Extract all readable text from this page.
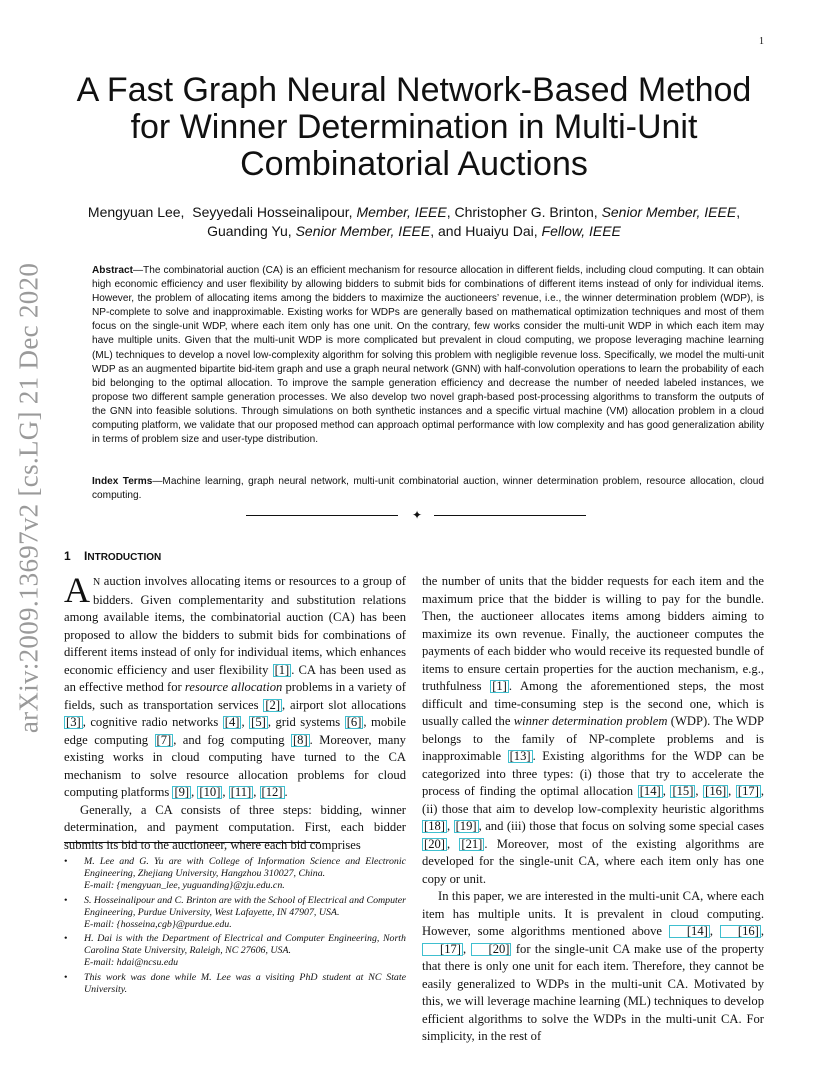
1
arXiv:2009.13697v2 [cs.LG] 21 Dec 2020
A Fast Graph Neural Network-Based Method for Winner Determination in Multi-Unit Combinatorial Auctions
Mengyuan Lee, Seyyedali Hosseinalipour, Member, IEEE, Christopher G. Brinton, Senior Member, IEEE, Guanding Yu, Senior Member, IEEE, and Huaiyu Dai, Fellow, IEEE

Abstract—The combinatorial auction (CA) is an efficient mechanism for resource allocation in different fields, including cloud computing. It can obtain high economic efficiency and user flexibility by allowing bidders to submit bids for combinations of different items instead of only for individual items. However, the problem of allocating items among the bidders to maximize the auctioneers’ revenue, i.e., the winner determination problem (WDP), is NP-complete to solve and inapproximable. Existing works for WDPs are generally based on mathematical optimization techniques and most of them focus on the single-unit WDP, where each item only has one unit. On the contrary, few works consider the multi-unit WDP in which each item may have multiple units. Given that the multi-unit WDP is more complicated but prevalent in cloud computing, we propose leveraging machine learning (ML) techniques to develop a novel low-complexity algorithm for solving this problem with negligible revenue loss. Specifically, we model the multi-unit WDP as an augmented bipartite bid-item graph and use a graph neural network (GNN) with half-convolution operations to learn the probability of each bid belonging to the optimal allocation. To improve the sample generation efficiency and decrease the number of needed labeled instances, we propose two different sample generation processes. We also develop two novel graph-based post-processing algorithms to transform the outputs of the GNN into feasible solutions. Through simulations on both synthetic instances and a specific virtual machine (VM) allocation problem in a cloud computing platform, we validate that our proposed method can approach optimal performance with low complexity and has good generalization ability in terms of problem size and user-type distribution.

Index Terms—Machine learning, graph neural network, multi-unit combinatorial auction, winner determination problem, resource allocation, cloud computing.

✦
1 INTRODUCTION

A N auction involves allocating items or resources to a group of bidders. Given complementarity and substitution relations among available items, the combinatorial auction (CA) has been proposed to allow the bidders to submit bids for combinations of different items instead of only for individual items, which enhances economic efficiency and user flexibility [1] . CA has been used as an effective method for resource allocation problems in a variety of fields, such as transportation services [2] , airport slot allocations [3] , cognitive radio networks [4] , [5] , grid systems [6] , mobile edge computing [7] , and fog computing [8] . Moreover, many existing works in cloud computing have turned to the CA mechanism to solve resource allocation problems for cloud computing platforms [9] , [10] , [11] , [12] .

Generally, a CA consists of three steps: bidding, winner determination, and payment computation. First, each bidder submits its bid to the auctioneer, where each bid comprises

• M. Lee and G. Yu are with College of Information Science and Electronic Engineering, Zhejiang University, Hangzhou 310027, China.
E-mail: {mengyuan_lee, yuguanding}@zju.edu.cn.
• S. Hosseinalipour and C. Brinton are with the School of Electrical and Computer Engineering, Purdue University, West Lafayette, IN 47907, USA.
E-mail: {hosseina,cgb}@purdue.edu.
• H. Dai is with the Department of Electrical and Computer Engineering, North Carolina State University, Raleigh, NC 27606, USA.
E-mail: hdai@ncsu.edu
• This work was done while M. Lee was a visiting PhD student at NC State University.

the number of units that the bidder requests for each item and the maximum price that the bidder is willing to pay for the bundle. Then, the auctioneer allocates items among bidders aiming to maximize its own revenue. Finally, the auctioneer computes the payments of each bidder who would receive its requested bundle of items to ensure certain properties for the auction mechanism, e.g., truthfulness [1] . Among the aforementioned steps, the most difficult and time-consuming step is the second one, which is usually called the winner determination problem (WDP). The WDP belongs to the family of NP-complete problems and is inapproximable [13] . Existing algorithms for the WDP can be categorized into three types: (i) those that try to accelerate the process of finding the optimal allocation [14] , [15] , [16] , [17] , (ii) those that aim to develop low-complexity heuristic algorithms [18] , [19] , and (iii) those that focus on solving some special cases [20] , [21] . Moreover, most of the existing algorithms are developed for the single-unit CA, where each item only has one copy or unit.

In this paper, we are interested in the multi-unit CA, where each item has multiple units. It is prevalent in cloud computing. However, some algorithms mentioned above [14] , [16] , [17] , [20] for the single-unit CA make use of the property that there is only one unit for each item. Therefore, they cannot be easily generalized to WDPs in the multi-unit CA. Motivated by this, we will leverage machine learning (ML) techniques to develop efficient algorithms to solve the WDPs in the multi-unit CA. For simplicity, in the rest of
